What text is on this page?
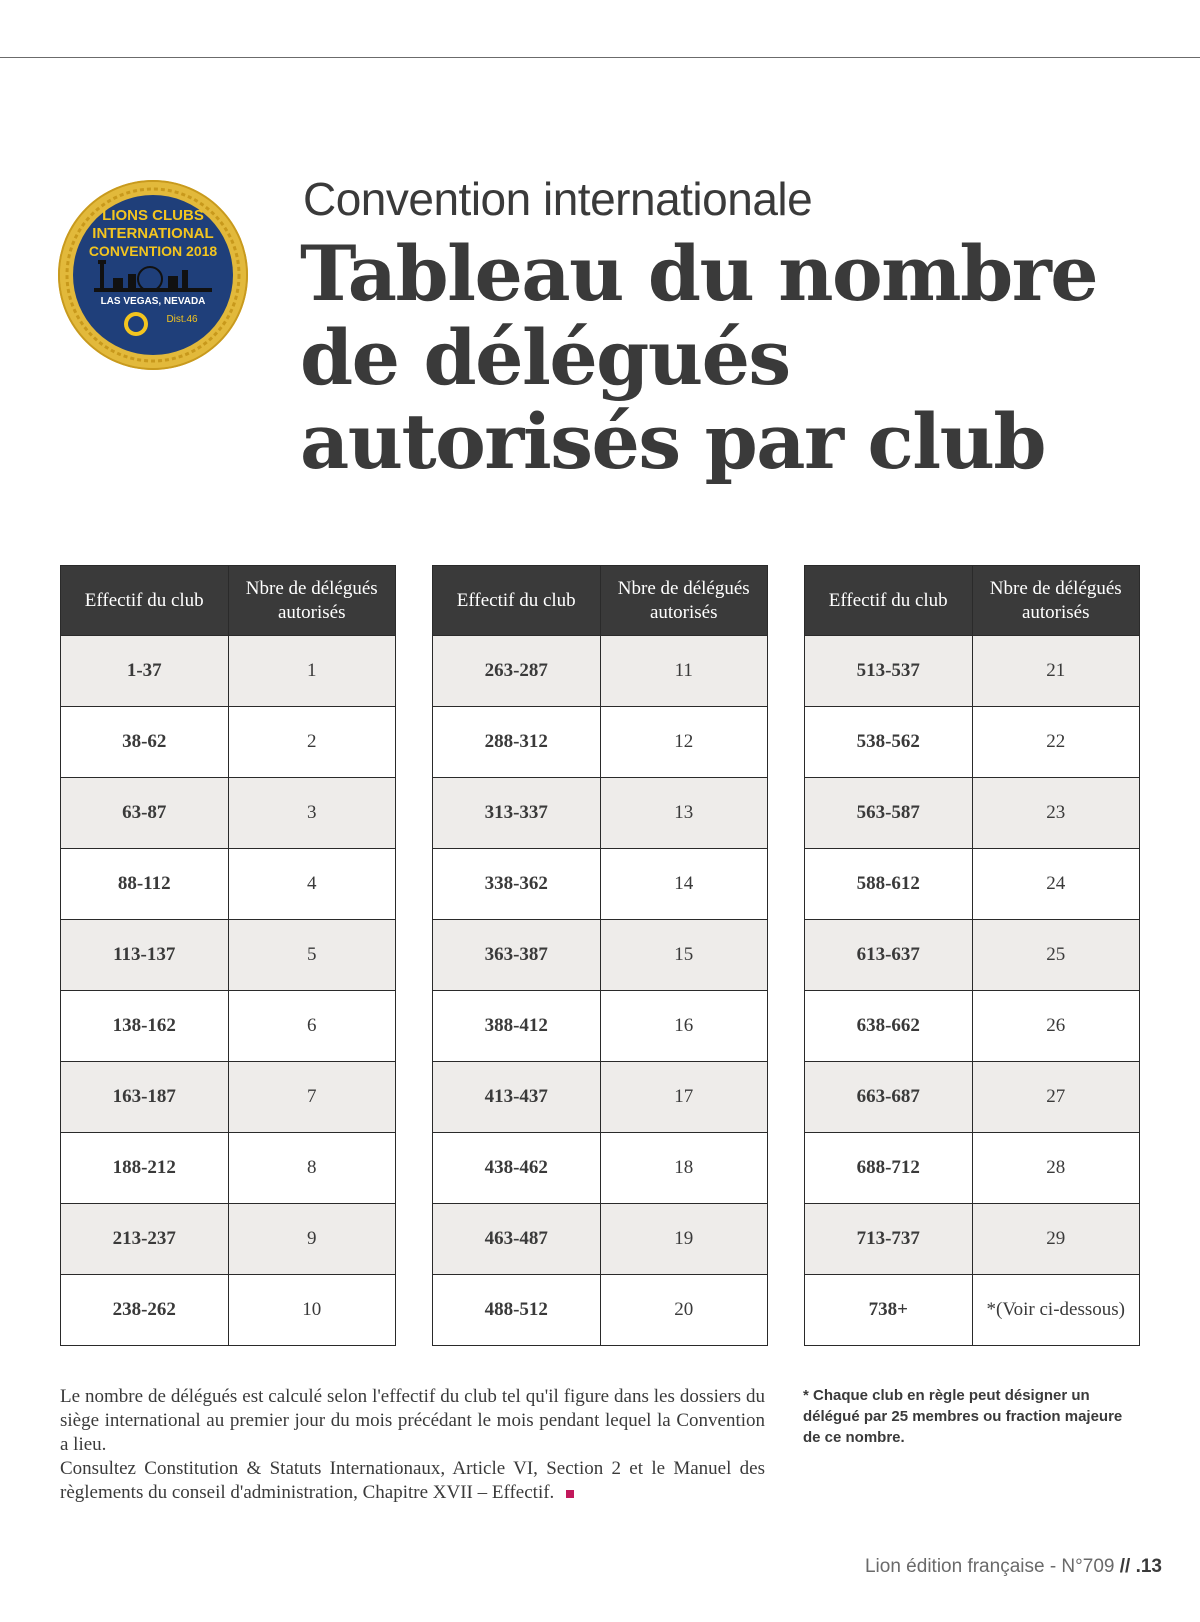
LIONS CLUBS
INTERNATIONAL
CONVENTION 2018
LAS VEGAS, NEVADA
Dist.46
Convention internationale
Tableau du nombre de délégués autorisés par club
Effectif du club	Nbre de délégués autorisés
1-37	1
38-62	2
63-87	3
88-112	4
113-137	5
138-162	6
163-187	7
188-212	8
213-237	9
238-262	10
Effectif du club	Nbre de délégués autorisés
263-287	11
288-312	12
313-337	13
338-362	14
363-387	15
388-412	16
413-437	17
438-462	18
463-487	19
488-512	20
Effectif du club	Nbre de délégués autorisés
513-537	21
538-562	22
563-587	23
588-612	24
613-637	25
638-662	26
663-687	27
688-712	28
713-737	29
738+	*(Voir ci-dessous)

Le nombre de délégués est calculé selon l'effectif du club tel qu'il figure dans les dossiers du siège international au premier jour du mois précédant le mois pendant lequel la Convention a lieu.

Consultez Constitution & Statuts Internationaux, Article VI, Section 2 et le Manuel des règlements du conseil d'administration, Chapitre XVII – Effectif.

* Chaque club en règle peut désigner un délégué par 25 membres ou fraction majeure de ce nombre.
Lion édition française - N°709 // .13
